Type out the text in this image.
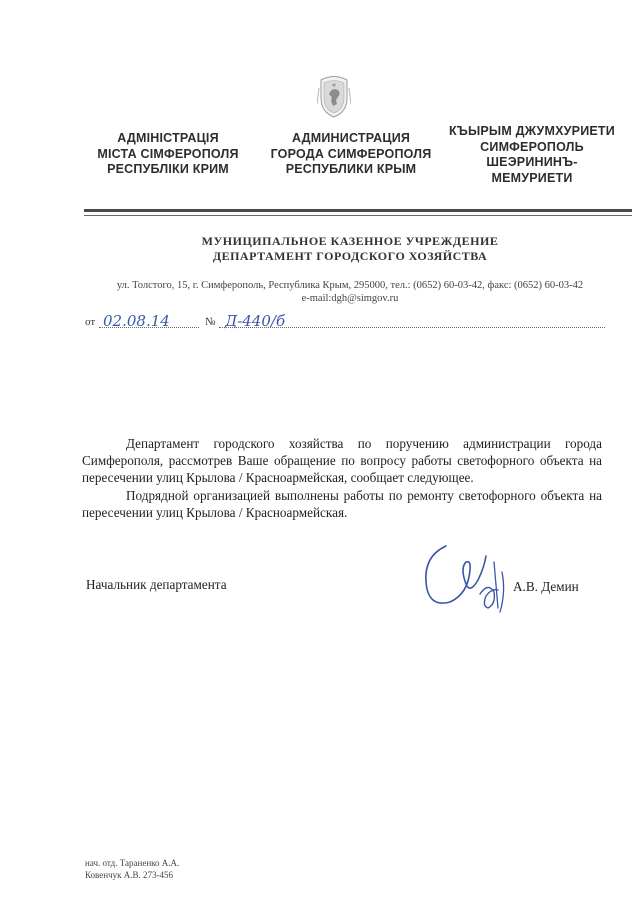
АДМІНІСТРАЦІЯ
МІСТА СІМФЕРОПОЛЯ
РЕСПУБЛІКИ КРИМ
АДМИНИСТРАЦИЯ
ГОРОДА СИМФЕРОПОЛЯ
РЕСПУБЛИКИ КРЫМ
КЪЫРЫМ ДЖУМХУРИЕТИ
СИМФЕРОПОЛЬ
ШЕЭРИНИНЪ-
МЕМУРИЕТИ
МУНИЦИПАЛЬНОЕ КАЗЕННОЕ УЧРЕЖДЕНИЕ
ДЕПАРТАМЕНТ ГОРОДСКОГО ХОЗЯЙСТВА
ул. Толстого, 15, г. Симферополь, Республика Крым, 295000, тел.: (0652) 60-03-42, факс: (0652) 60-03-42
e-mail:dgh@simgov.ru
от 02.08.14	№ Д-440/б

Департамент городского хозяйства по поручению администрации города Симферополя, рассмотрев Ваше обращение по вопросу работы светофорного объекта на пересечении улиц Крылова / Красноармейская, сообщает следующее.

Подрядной организацией выполнены работы по ремонту светофорного объекта на пересечении улиц Крылова / Красноармейская.

Начальник департамента	А.В. Демин
нач. отд. Тараненко А.А.
Ковенчук А.В. 273-456
